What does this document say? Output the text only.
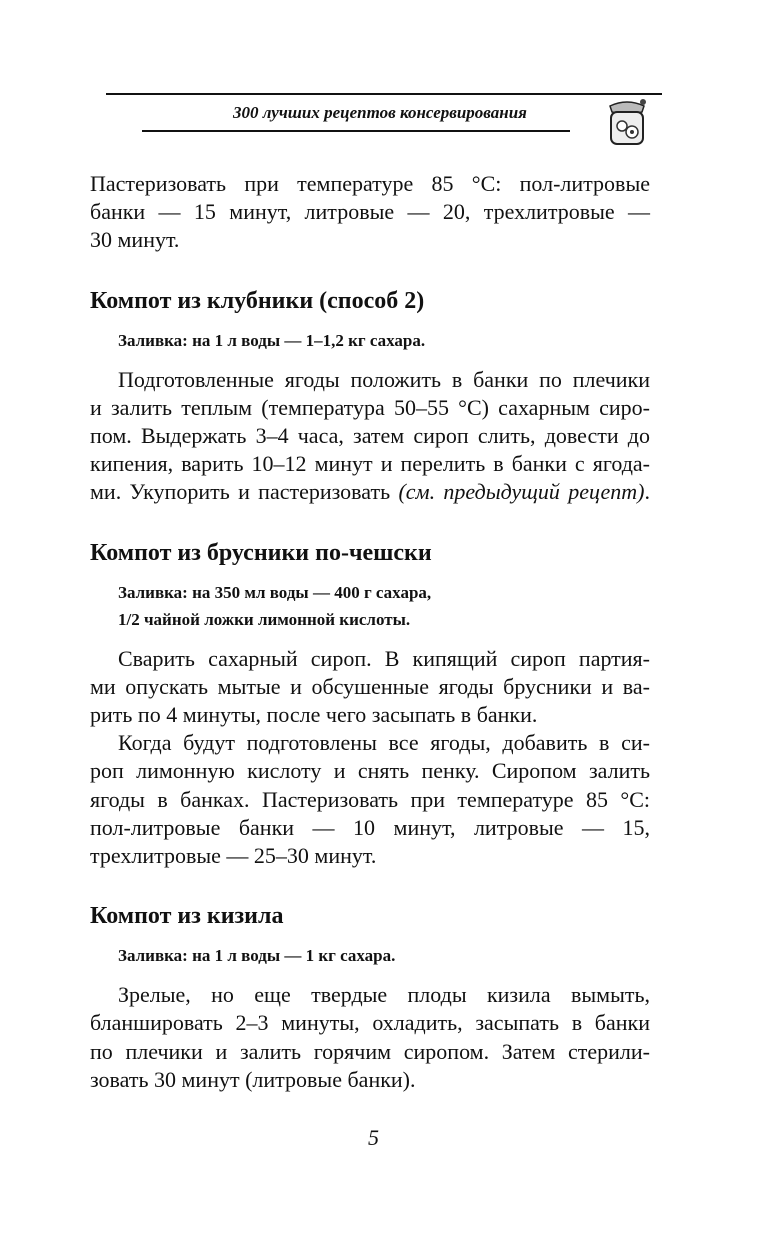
300 лучших рецептов консервирования
Пастеризовать при температуре 85 °С: пол-литровые
банки — 15 минут, литровые — 20, трехлитровые —
30 минут.
Компот из клубники (способ 2)
Заливка: на 1 л воды — 1–1,2 кг сахара.
Подготовленные ягоды положить в банки по плечики
и залить теплым (температура 50–55 °С) сахарным сиро-
пом. Выдержать 3–4 часа, затем сироп слить, довести до
кипения, варить 10–12 минут и перелить в банки с ягода-
ми. Укупорить и пастеризовать (см. предыдущий рецепт).
Компот из брусники по-чешски
Заливка: на 350 мл воды — 400 г сахара,
1/2 чайной ложки лимонной кислоты.
Сварить сахарный сироп. В кипящий сироп партия-
ми опускать мытые и обсушенные ягоды брусники и ва-
рить по 4 минуты, после чего засыпать в банки.
Когда будут подготовлены все ягоды, добавить в си-
роп лимонную кислоту и снять пенку. Сиропом залить
ягоды в банках. Пастеризовать при температуре 85 °С:
пол-литровые банки — 10 минут, литровые — 15,
трехлитровые — 25–30 минут.
Компот из кизила
Заливка: на 1 л воды — 1 кг сахара.
Зрелые, но еще твердые плоды кизила вымыть,
бланшировать 2–3 минуты, охладить, засыпать в банки
по плечики и залить горячим сиропом. Затем стерили-
зовать 30 минут (литровые банки).
5
